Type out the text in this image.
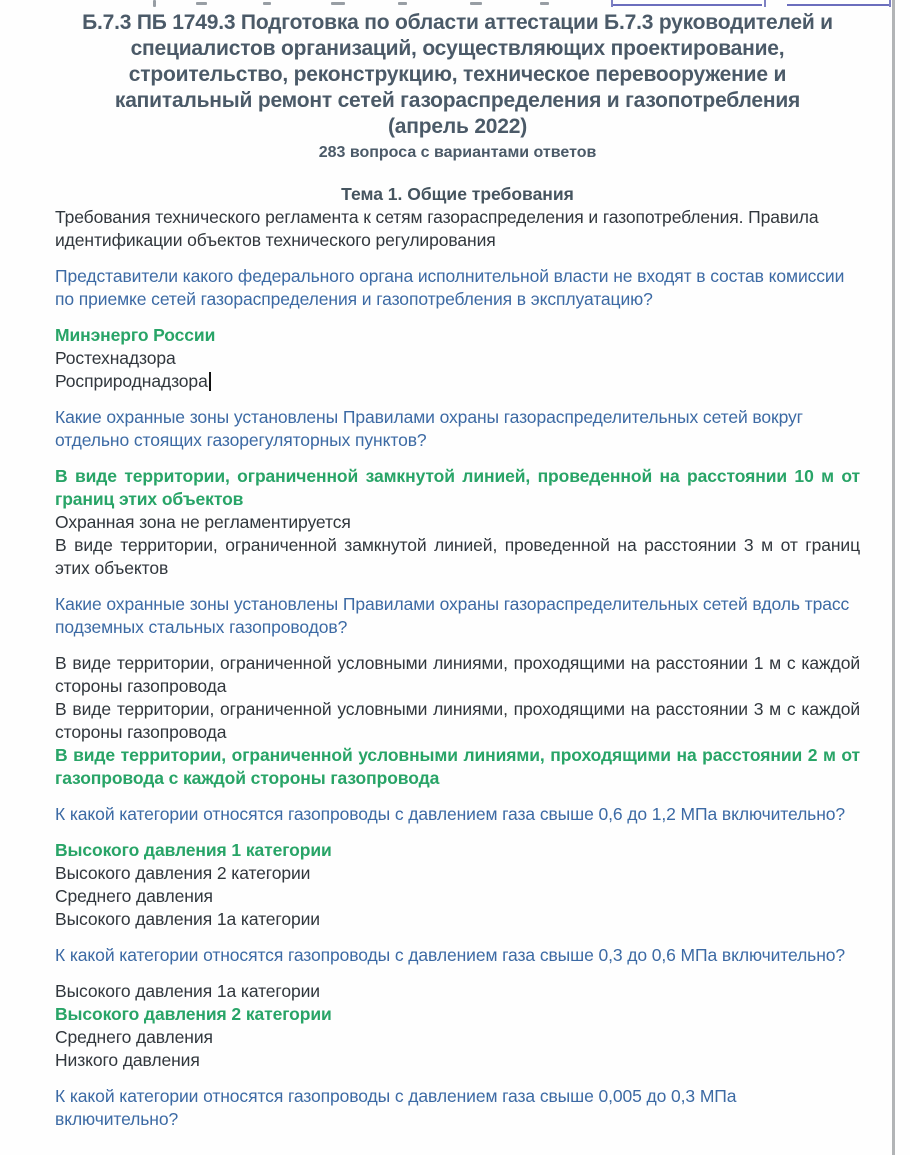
Б.7.3 ПБ 1749.3 Подготовка по области аттестации Б.7.3 руководителей и
специалистов организаций, осуществляющих проектирование,
строительство, реконструкцию, техническое перевооружение и
капитальный ремонт сетей газораспределения и газопотребления
(апрель 2022)
283 вопроса с вариантами ответов
Тема 1. Общие требования
Требования технического регламента к сетям газораспределения и газопотребления. Правила идентификации объектов технического регулирования
Представители какого федерального органа исполнительной власти не входят в состав комиссии по приемке сетей газораспределения и газопотребления в эксплуатацию?
Минэнерго России
Ростехнадзора
Росприроднадзора
Какие охранные зоны установлены Правилами охраны газораспределительных сетей вокруг отдельно стоящих газорегуляторных пунктов?
В виде территории, ограниченной замкнутой линией, проведенной на расстоянии 10 м от границ этих объектов
Охранная зона не регламентируется
В виде территории, ограниченной замкнутой линией, проведенной на расстоянии 3 м от границ этих объектов
Какие охранные зоны установлены Правилами охраны газораспределительных сетей вдоль трасс подземных стальных газопроводов?
В виде территории, ограниченной условными линиями, проходящими на расстоянии 1 м с каждой стороны газопровода
В виде территории, ограниченной условными линиями, проходящими на расстоянии 3 м с каждой стороны газопровода
В виде территории, ограниченной условными линиями, проходящими на расстоянии 2 м от газопровода с каждой стороны газопровода
К какой категории относятся газопроводы с давлением газа свыше 0,6 до 1,2 МПа включительно?
Высокого давления 1 категории
Высокого давления 2 категории
Среднего давления
Высокого давления 1а категории
К какой категории относятся газопроводы с давлением газа свыше 0,3 до 0,6 МПа включительно?
Высокого давления 1а категории
Высокого давления 2 категории
Среднего давления
Низкого давления
К какой категории относятся газопроводы с давлением газа свыше 0,005 до 0,3 МПа включительно?
